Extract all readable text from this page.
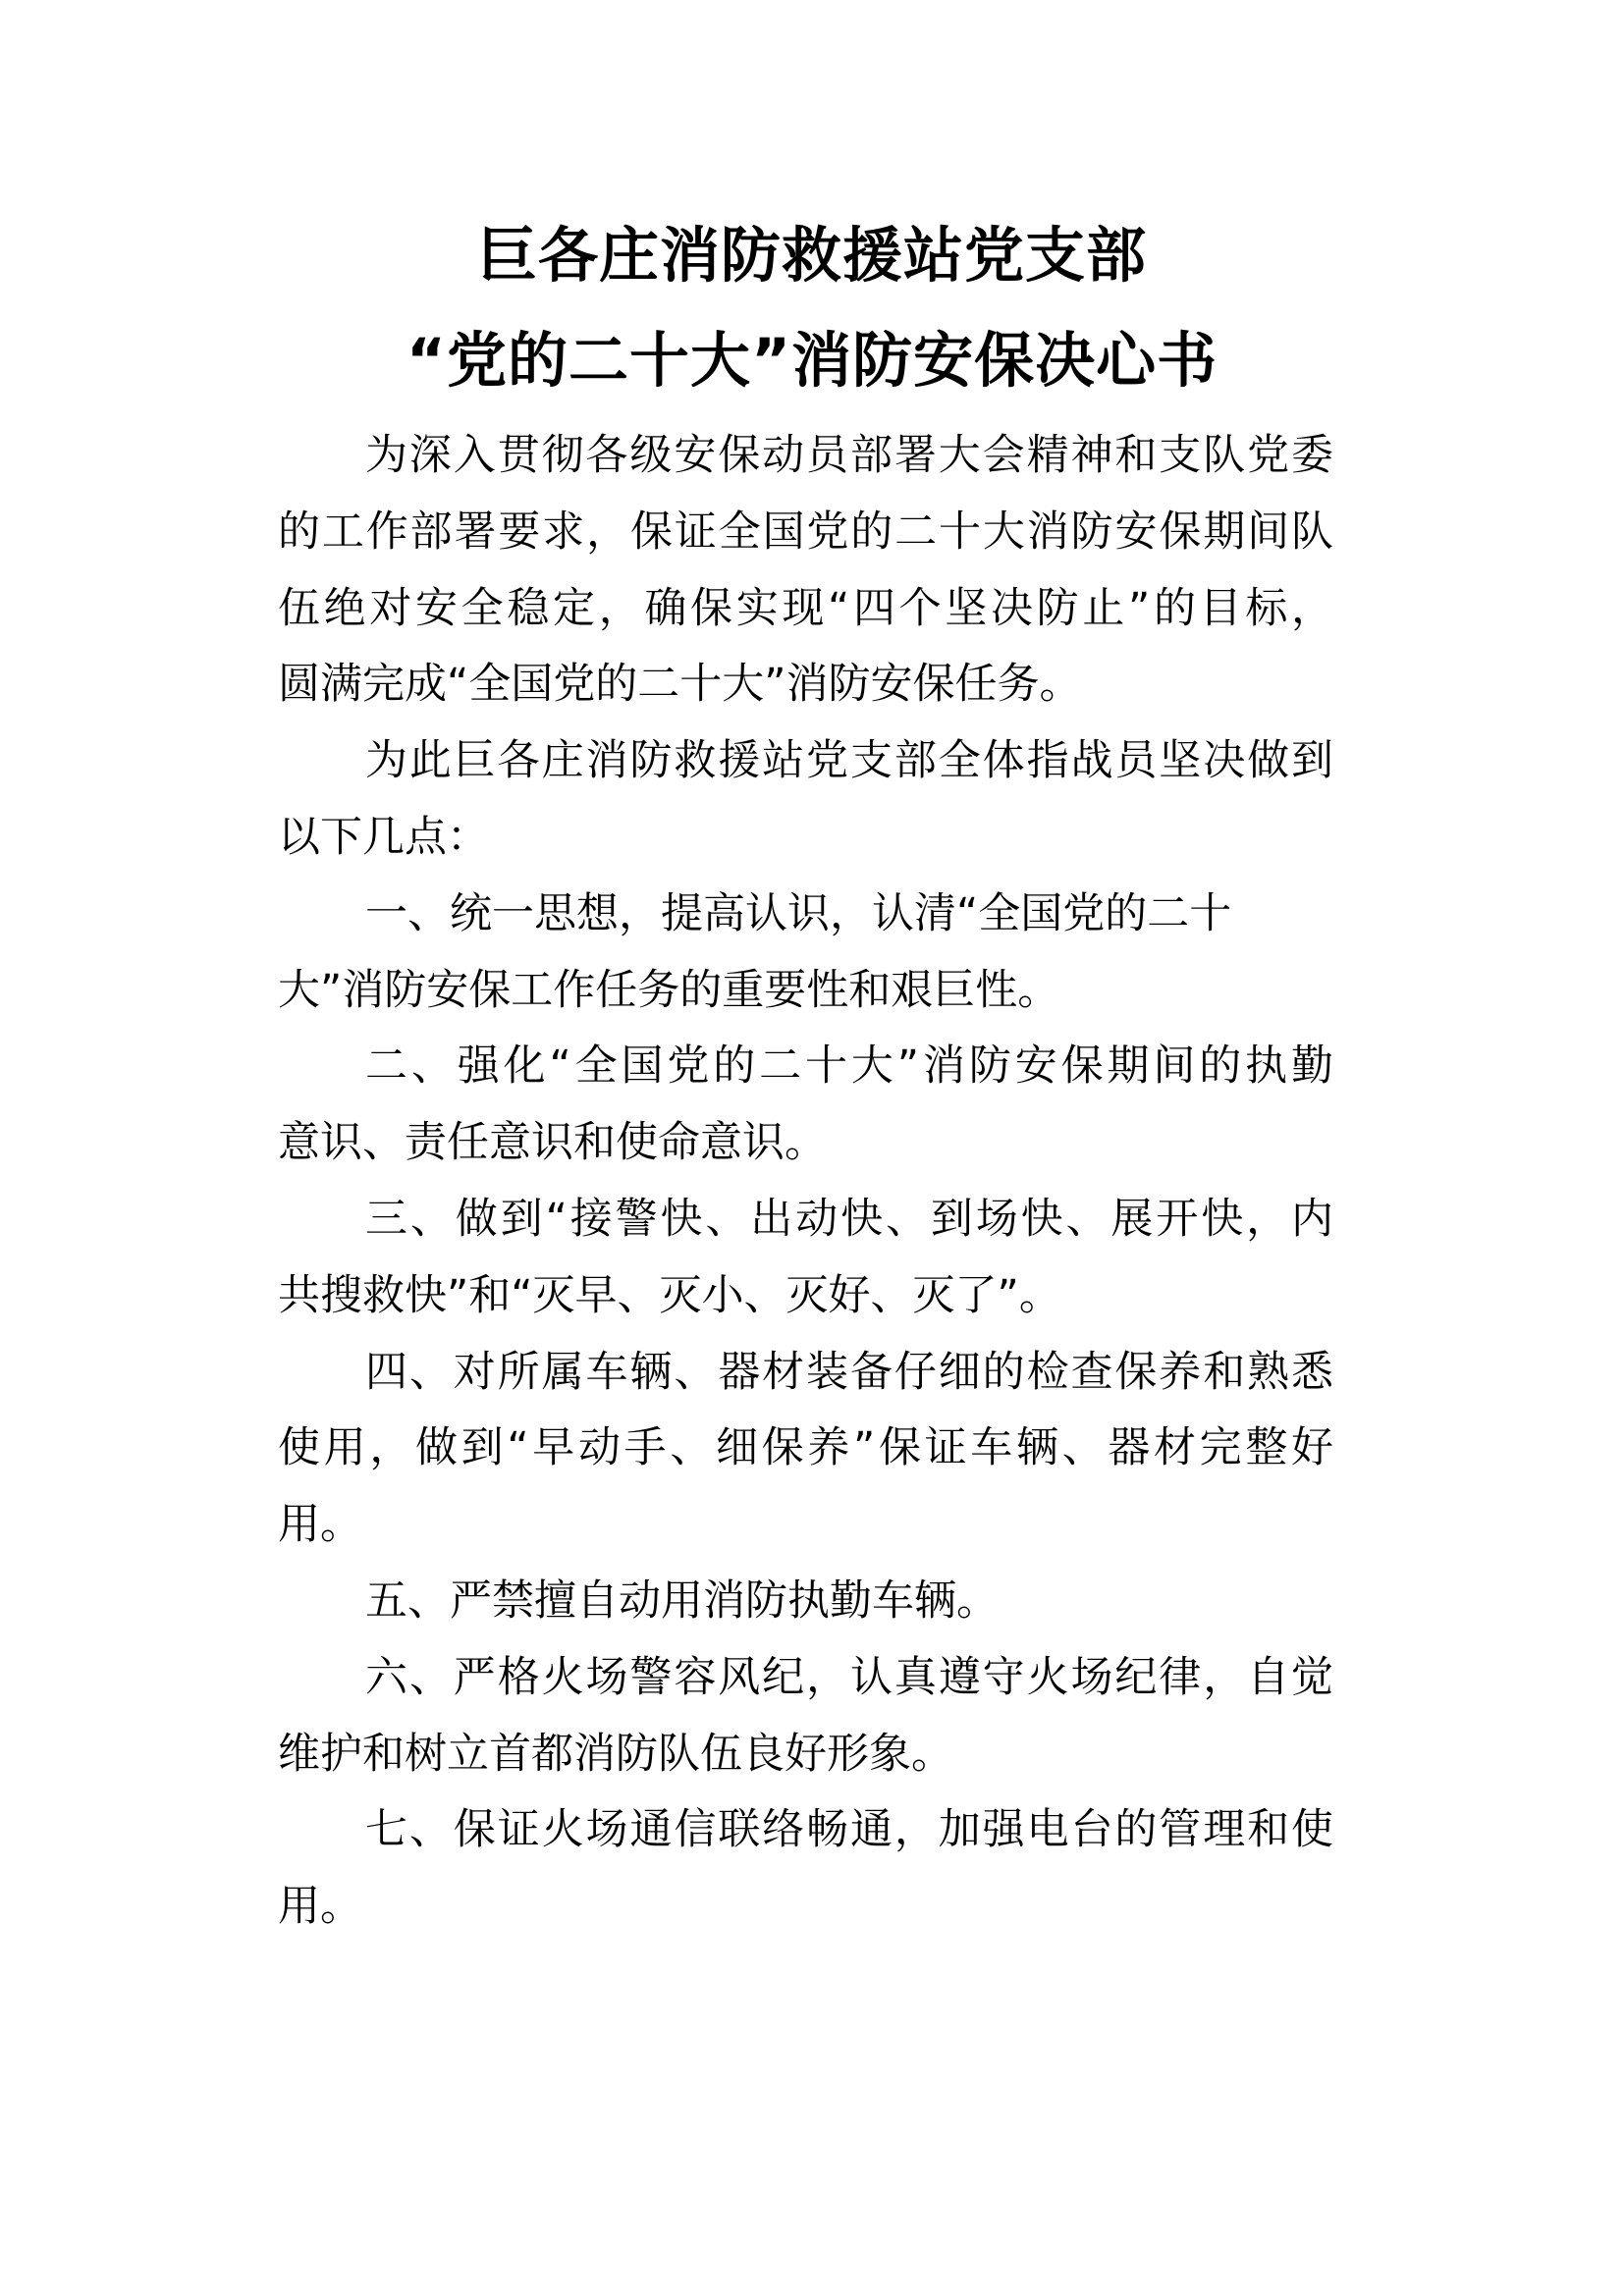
巨各庄消防救援站党支部
“党的二十大”消防安保决心书
为深入贯彻各级安保动员部署大会精神和支队党委
的工作部署要求，保证全国党的二十大消防安保期间队
伍绝对安全稳定，确保实现“四个坚决防止”的目标，
圆满完成“全国党的二十大”消防安保任务。
为此巨各庄消防救援站党支部全体指战员坚决做到
以下几点：
一、统一思想，提高认识，认清“全国党的二十
大”消防安保工作任务的重要性和艰巨性。
二、强化“全国党的二十大”消防安保期间的执勤
意识、责任意识和使命意识。
三、做到“接警快、出动快、到场快、展开快，内
共搜救快”和“灭早、灭小、灭好、灭了”。
四、对所属车辆、器材装备仔细的检查保养和熟悉
使用，做到“早动手、细保养”保证车辆、器材完整好
用。
五、严禁擅自动用消防执勤车辆。
六、严格火场警容风纪，认真遵守火场纪律，自觉
维护和树立首都消防队伍良好形象。
七、保证火场通信联络畅通，加强电台的管理和使
用。
